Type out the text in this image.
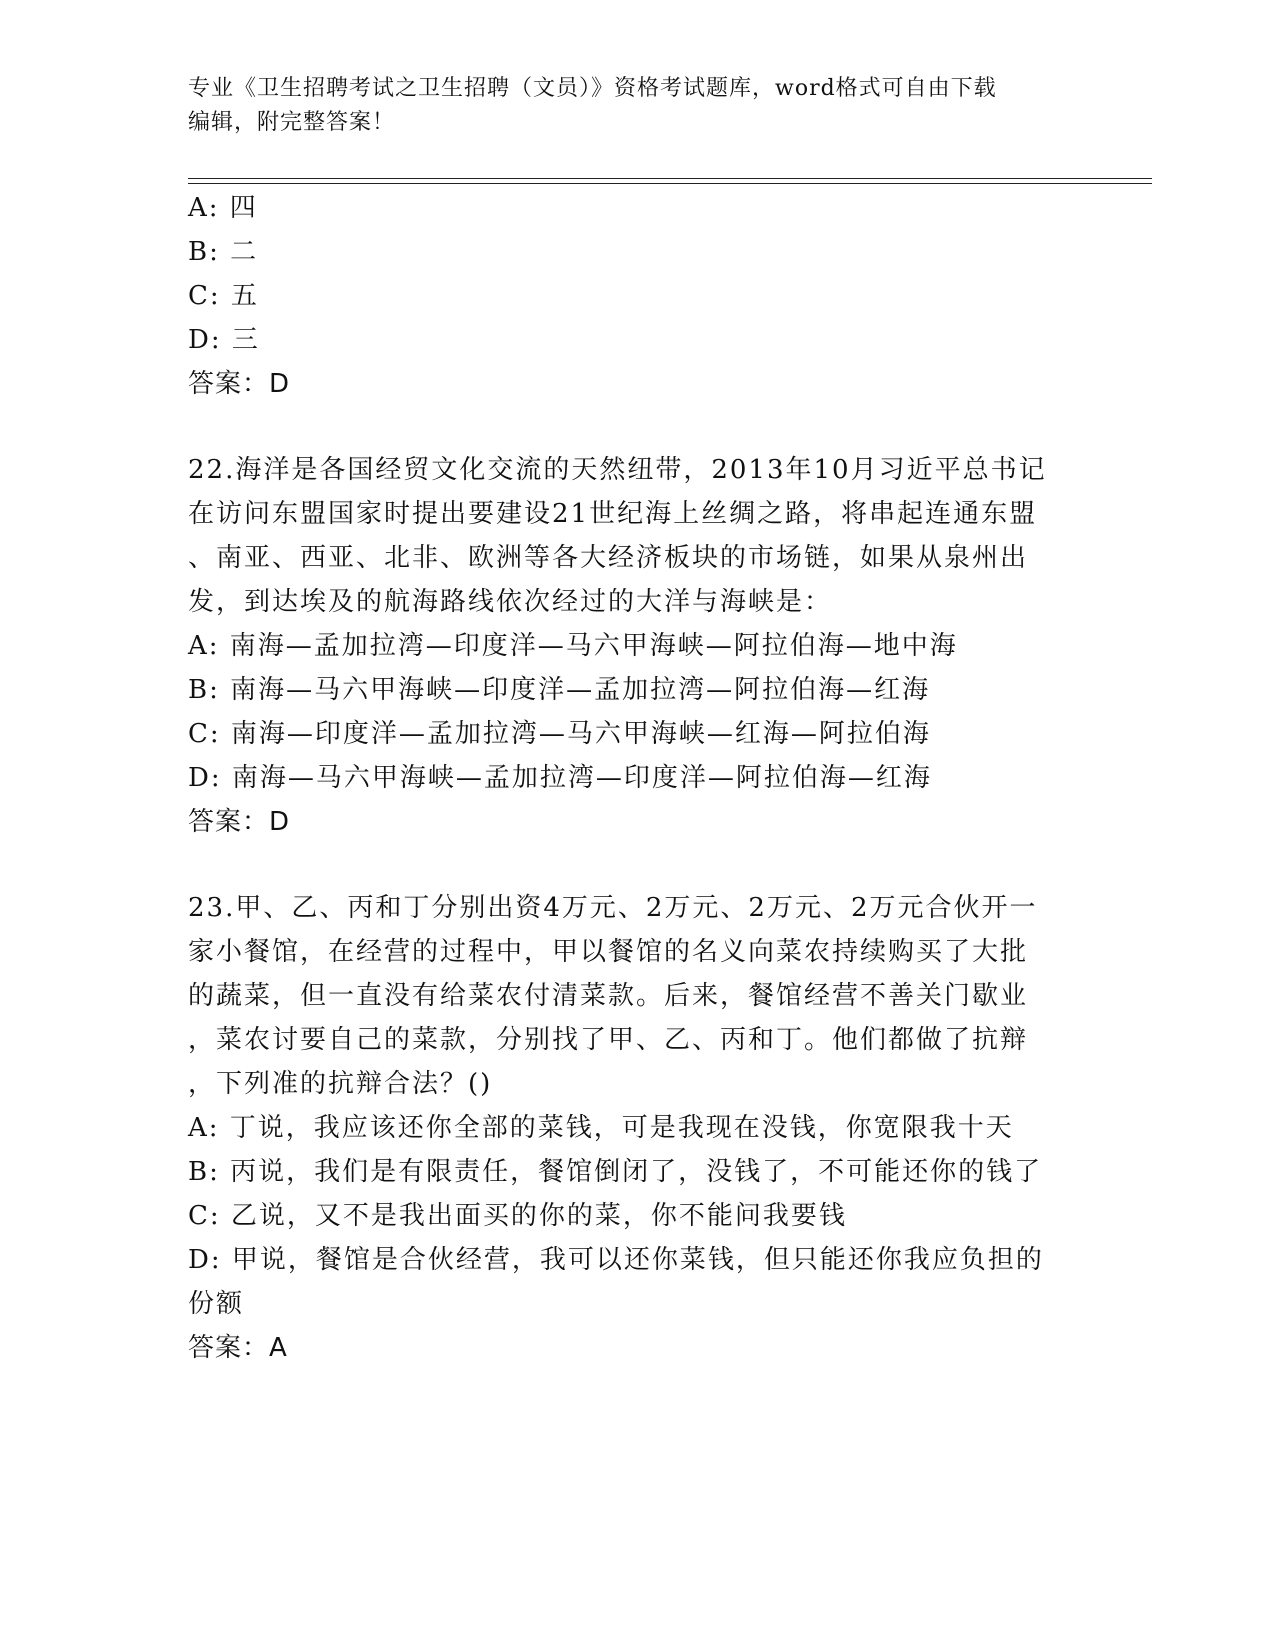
专业《卫生招聘考试之卫生招聘（文员）》资格考试题库，word格式可自由下载
编辑，附完整答案！
A: 四
B: 二
C: 五
D: 三
答案：D
22.海洋是各国经贸文化交流的天然纽带，2013年10月习近平总书记
在访问东盟国家时提出要建设21世纪海上丝绸之路，将串起连通东盟
、南亚、西亚、北非、欧洲等各大经济板块的市场链，如果从泉州出
发，到达埃及的航海路线依次经过的大洋与海峡是：
A: 南海—孟加拉湾—印度洋—马六甲海峡—阿拉伯海—地中海
B: 南海—马六甲海峡—印度洋—孟加拉湾—阿拉伯海—红海
C: 南海—印度洋—孟加拉湾—马六甲海峡—红海—阿拉伯海
D: 南海—马六甲海峡—孟加拉湾—印度洋—阿拉伯海—红海
答案：D
23.甲、乙、丙和丁分别出资4万元、2万元、2万元、2万元合伙开一
家小餐馆，在经营的过程中，甲以餐馆的名义向菜农持续购买了大批
的蔬菜，但一直没有给菜农付清菜款。后来，餐馆经营不善关门歇业
，菜农讨要自己的菜款，分别找了甲、乙、丙和丁。他们都做了抗辩
，下列准的抗辩合法？()
A: 丁说，我应该还你全部的菜钱，可是我现在没钱，你宽限我十天
B: 丙说，我们是有限责任，餐馆倒闭了，没钱了，不可能还你的钱了
C: 乙说，又不是我出面买的你的菜，你不能问我要钱
D: 甲说，餐馆是合伙经营，我可以还你菜钱，但只能还你我应负担的
份额
答案：A
